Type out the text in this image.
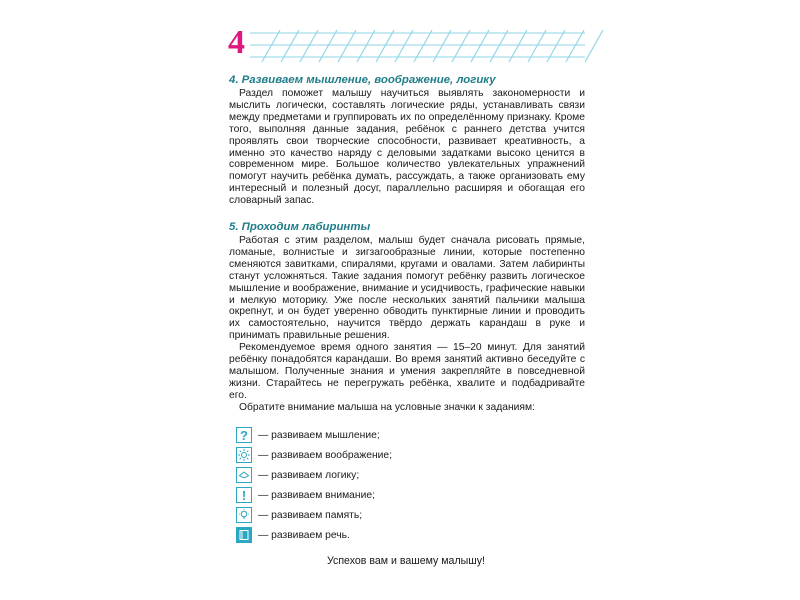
4

4. Развиваем мышление, воображение, логику

Раздел поможет малышу научиться выявлять закономерности и мыслить логически, составлять логические ряды, устанавливать связи между предметами и группировать их по определённому признаку. Кроме того, выполняя данные задания, ребёнок с раннего детства учится проявлять свои творческие способности, развивает креативность, а именно это качество наряду с деловыми задатками высоко ценится в современном мире. Большое количество увлекательных упражнений помогут научить ребёнка думать, рассуждать, а также организовать ему интересный и полезный досуг, параллельно расширяя и обогащая его словарный запас.

5. Проходим лабиринты

Работая с этим разделом, малыш будет сначала рисовать прямые, ломаные, волнистые и зигзагообразные линии, которые постепенно сменяются завитками, спиралями, кругами и овалами. Затем лабиринты станут усложняться. Такие задания помогут ребёнку развить логическое мышление и воображение, внимание и усидчивость, графические навыки и мелкую моторику. Уже после нескольких занятий пальчики малыша окрепнут, и он будет уверенно обводить пунктирные линии и проводить их самостоятельно, научится твёрдо держать карандаш в руке и принимать правильные решения.

Рекомендуемое время одного занятия — 15–20 минут. Для занятий ребёнку понадобятся карандаши. Во время занятий активно беседуйте с малышом. Полученные знания и умения закрепляйте в повседневной жизни. Старайтесь не перегружать ребёнка, хвалите и подбадривайте его.

Обратите внимание малыша на условные значки к заданиям:

? — развиваем мышление;
— развиваем воображение;
— развиваем логику;
!	— развиваем внимание;
— развиваем память;
— развиваем речь.
Успехов вам и вашему малышу!
